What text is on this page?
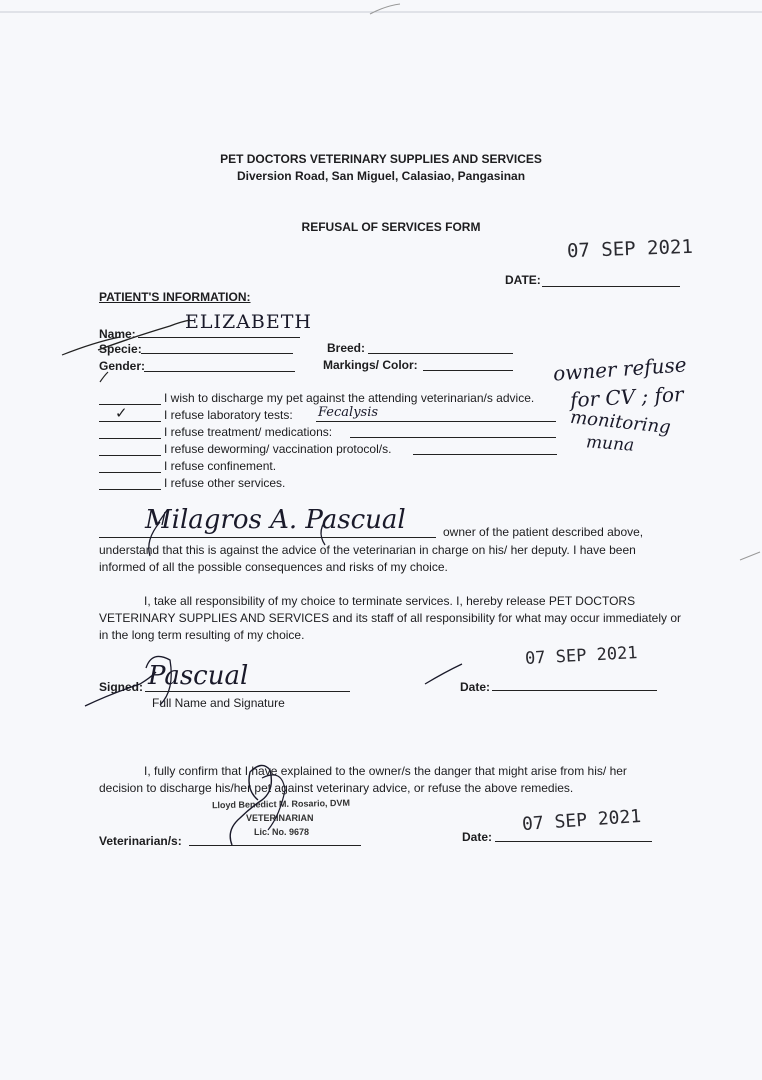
PET DOCTORS VETERINARY SUPPLIES AND SERVICES
Diversion Road, San Miguel, Calasiao, Pangasinan
REFUSAL OF SERVICES FORM
07 SEP 2021
DATE:
PATIENT'S INFORMATION:
Name:
ELIZABETH
Specie:
Gender:
Breed:
Markings/ Color:
I wish to discharge my pet against the attending veterinarian/s advice.
✓	I refuse laboratory tests: Fecalysis
I refuse treatment/ medications:
I refuse deworming/ vaccination protocol/s.
I refuse confinement.
I refuse other services.
owner refuse
for CV ; for
monitoring
muna
Milagros A. Pascual	owner of the patient described above,
understand that this is against the advice of the veterinarian in charge on his/ her deputy. I have been
informed of all the possible consequences and risks of my choice.
I, take all responsibility of my choice to terminate services. I, hereby release PET DOCTORS
VETERINARY SUPPLIES AND SERVICES and its staff of all responsibility for what may occur immediately or
in the long term resulting of my choice.
Signed: Pascual
Full Name and Signature
07 SEP 2021
Date:
I, fully confirm that I have explained to the owner/s the danger that might arise from his/ her
decision to discharge his/her pet against veterinary advice, or refuse the above remedies.
Lloyd Benedict M. Rosario, DVM
VETERINARIAN
Lic. No. 9678
Veterinarian/s:
07 SEP 2021
Date:
